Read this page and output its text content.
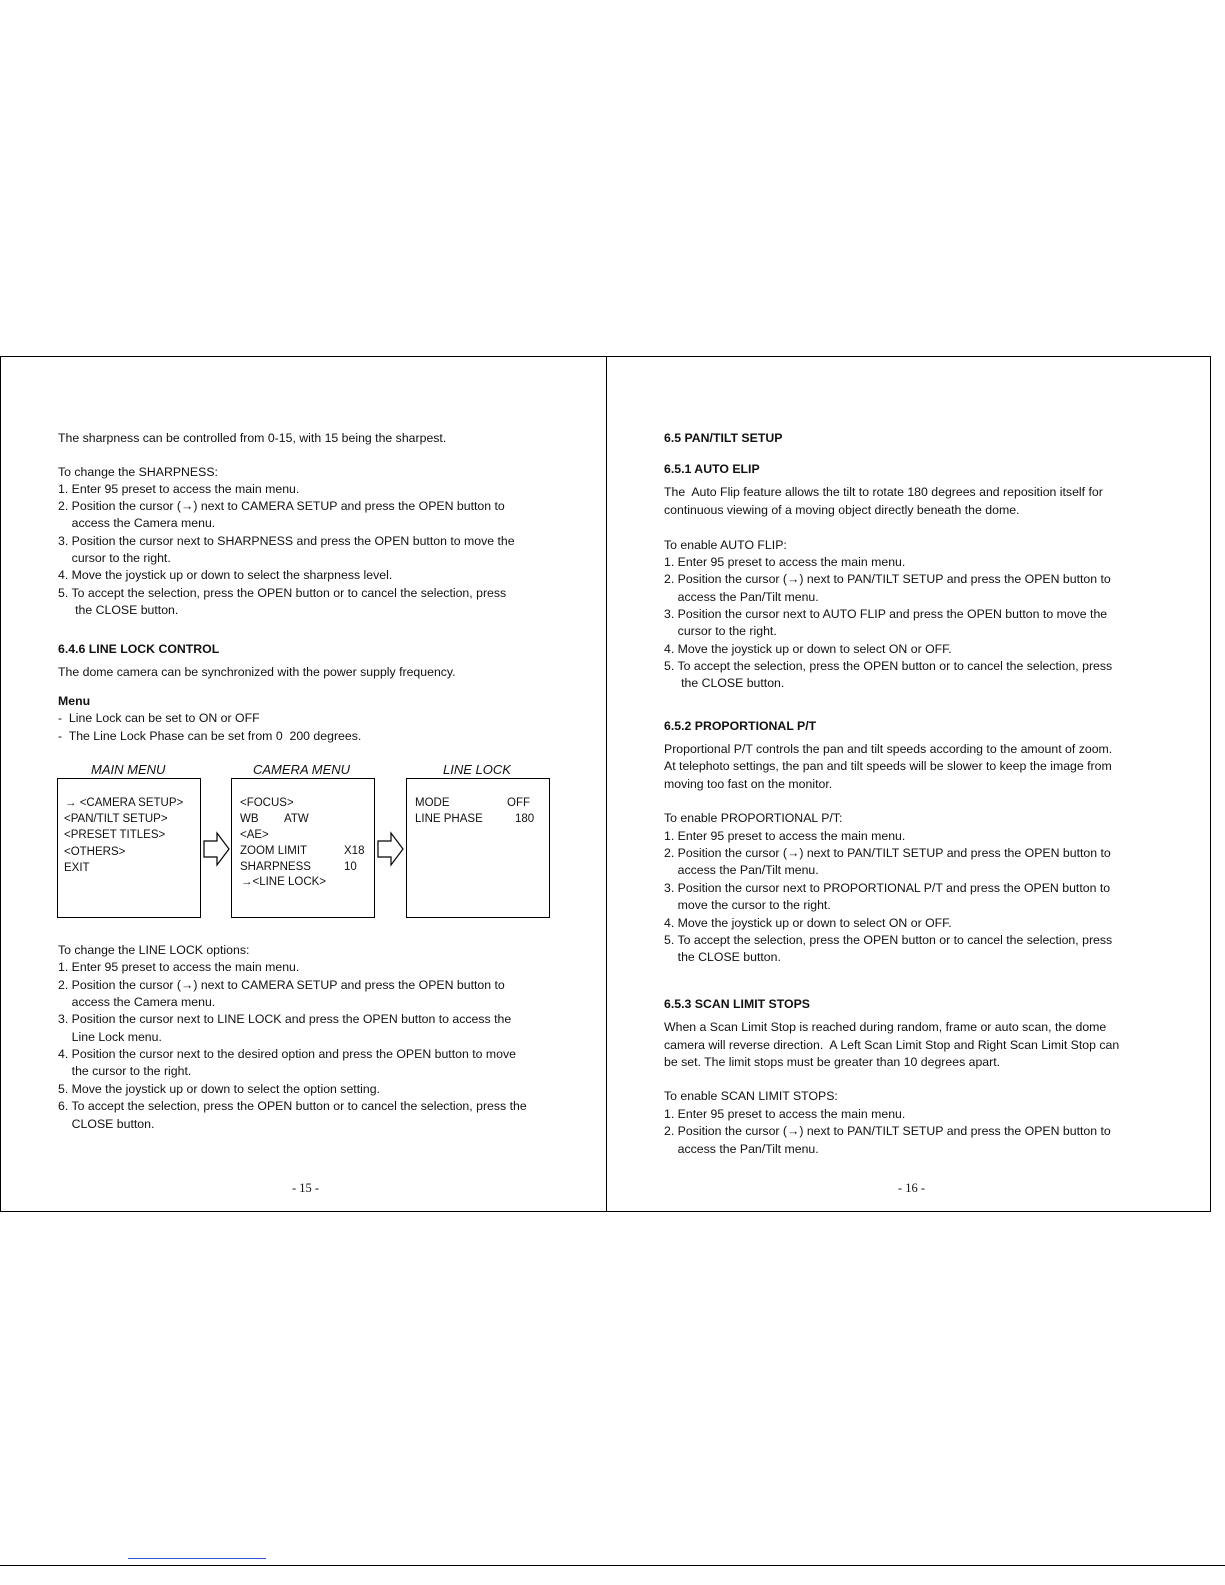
The sharpness can be controlled from 0-15, with 15 being the sharpest.
To change the SHARPNESS:
1. Enter 95 preset to access the main menu.
2. Position the cursor (→) next to CAMERA SETUP and press the OPEN button to
access the Camera menu.
3. Position the cursor next to SHARPNESS and press the OPEN button to move the
cursor to the right.
4. Move the joystick up or down to select the sharpness level.
5. To accept the selection, press the OPEN button or to cancel the selection, press
the CLOSE button.
6.4.6 LINE LOCK CONTROL
The dome camera can be synchronized with the power supply frequency.
Menu
-  Line Lock can be set to ON or OFF
-  The Line Lock Phase can be set from 0  200 degrees.
MAIN MENU	CAMERA MENU	LINE LOCK
→ <CAMERA SETUP>
<PAN/TILT SETUP>
<PRESET TITLES>
<OTHERS>
EXIT
<FOCUS>
WB ATW
<AE>
ZOOM LIMIT	X18
SHARPNESS	10
→<LINE LOCK>
MODE	OFF
LINE PHASE	180
To change the LINE LOCK options:
1. Enter 95 preset to access the main menu.
2. Position the cursor (→) next to CAMERA SETUP and press the OPEN button to
access the Camera menu.
3. Position the cursor next to LINE LOCK and press the OPEN button to access the
Line Lock menu.
4. Position the cursor next to the desired option and press the OPEN button to move
the cursor to the right.
5. Move the joystick up or down to select the option setting.
6. To accept the selection, press the OPEN button or to cancel the selection, press the
CLOSE button.
- 15 -
6.5 PAN/TILT SETUP
6.5.1 AUTO ELIP
The  Auto Flip feature allows the tilt to rotate 180 degrees and reposition itself for
continuous viewing of a moving object directly beneath the dome.
To enable AUTO FLIP:
1. Enter 95 preset to access the main menu.
2. Position the cursor (→) next to PAN/TILT SETUP and press the OPEN button to
access the Pan/Tilt menu.
3. Position the cursor next to AUTO FLIP and press the OPEN button to move the
cursor to the right.
4. Move the joystick up or down to select ON or OFF.
5. To accept the selection, press the OPEN button or to cancel the selection, press
the CLOSE button.
6.5.2 PROPORTIONAL P/T
Proportional P/T controls the pan and tilt speeds according to the amount of zoom.
At telephoto settings, the pan and tilt speeds will be slower to keep the image from
moving too fast on the monitor.
To enable PROPORTIONAL P/T:
1. Enter 95 preset to access the main menu.
2. Position the cursor (→) next to PAN/TILT SETUP and press the OPEN button to
access the Pan/Tilt menu.
3. Position the cursor next to PROPORTIONAL P/T and press the OPEN button to
move the cursor to the right.
4. Move the joystick up or down to select ON or OFF.
5. To accept the selection, press the OPEN button or to cancel the selection, press
the CLOSE button.
6.5.3 SCAN LIMIT STOPS
When a Scan Limit Stop is reached during random, frame or auto scan, the dome
camera will reverse direction.  A Left Scan Limit Stop and Right Scan Limit Stop can
be set. The limit stops must be greater than 10 degrees apart.
To enable SCAN LIMIT STOPS:
1. Enter 95 preset to access the main menu.
2. Position the cursor (→) next to PAN/TILT SETUP and press the OPEN button to
access the Pan/Tilt menu.
- 16 -
